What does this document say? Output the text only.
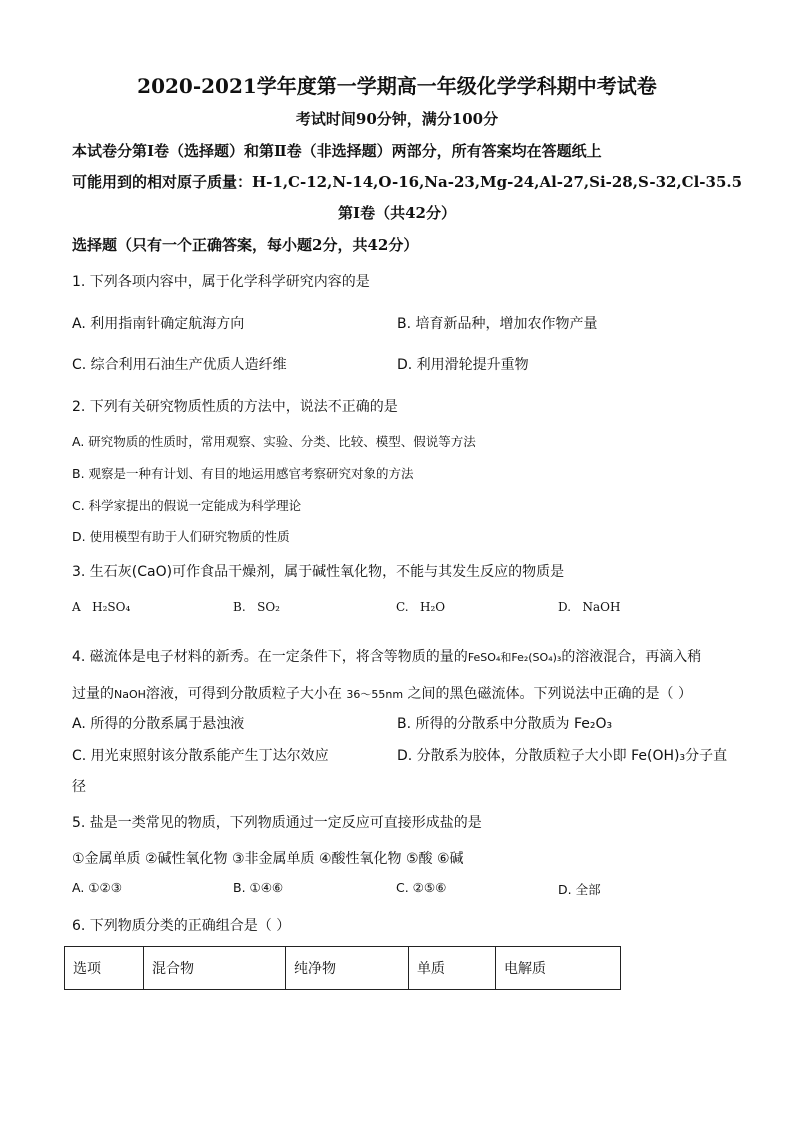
2020-2021学年度第一学期高一年级化学学科期中考试卷
考试时间90分钟，满分100分
本试卷分第Ⅰ卷（选择题）和第Ⅱ卷（非选择题）两部分，所有答案均在答题纸上
可能用到的相对原子质量：H-1,C-12,N-14,O-16,Na-23,Mg-24,Al-27,Si-28,S-32,Cl-35.5
第Ⅰ卷（共42分）
选择题（只有一个正确答案，每小题2分，共42分）
1. 下列各项内容中，属于化学科学研究内容的是
A. 利用指南针确定航海方向	B. 培育新品种，增加农作物产量
C. 综合利用石油生产优质人造纤维	D. 利用滑轮提升重物
2. 下列有关研究物质性质的方法中，说法不正确的是
A. 研究物质的性质时，常用观察、实验、分类、比较、模型、假说等方法
B. 观察是一种有计划、有目的地运用感官考察研究对象的方法
C. 科学家提出的假说一定能成为科学理论
D. 使用模型有助于人们研究物质的性质
3. 生石灰(CaO)可作食品干燥剂，属于碱性氧化物，不能与其发生反应的物质是
A H₂SO₄	B. SO₂	C. H₂O	D. NaOH
4. 磁流体是电子材料的新秀。在一定条件下，将含等物质的量的FeSO₄和Fe₂(SO₄)₃的溶液混合，再滴入稍
过量的NaOH溶液，可得到分散质粒子大小在 36～55nm 之间的黑色磁流体。下列说法中正确的是（ ）
A. 所得的分散系属于悬浊液	B. 所得的分散系中分散质为 Fe₂O₃
C. 用光束照射该分散系能产生丁达尔效应	D. 分散系为胶体，分散质粒子大小即 Fe(OH)₃分子直
径
5. 盐是一类常见的物质，下列物质通过一定反应可直接形成盐的是
①金属单质 ②碱性氧化物 ③非金属单质 ④酸性氧化物 ⑤酸 ⑥碱
A. ①②③	B. ①④⑥	C. ②⑤⑥	D. 全部
6. 下列物质分类的正确组合是（ ）
选项	混合物	纯净物	单质	电解质
